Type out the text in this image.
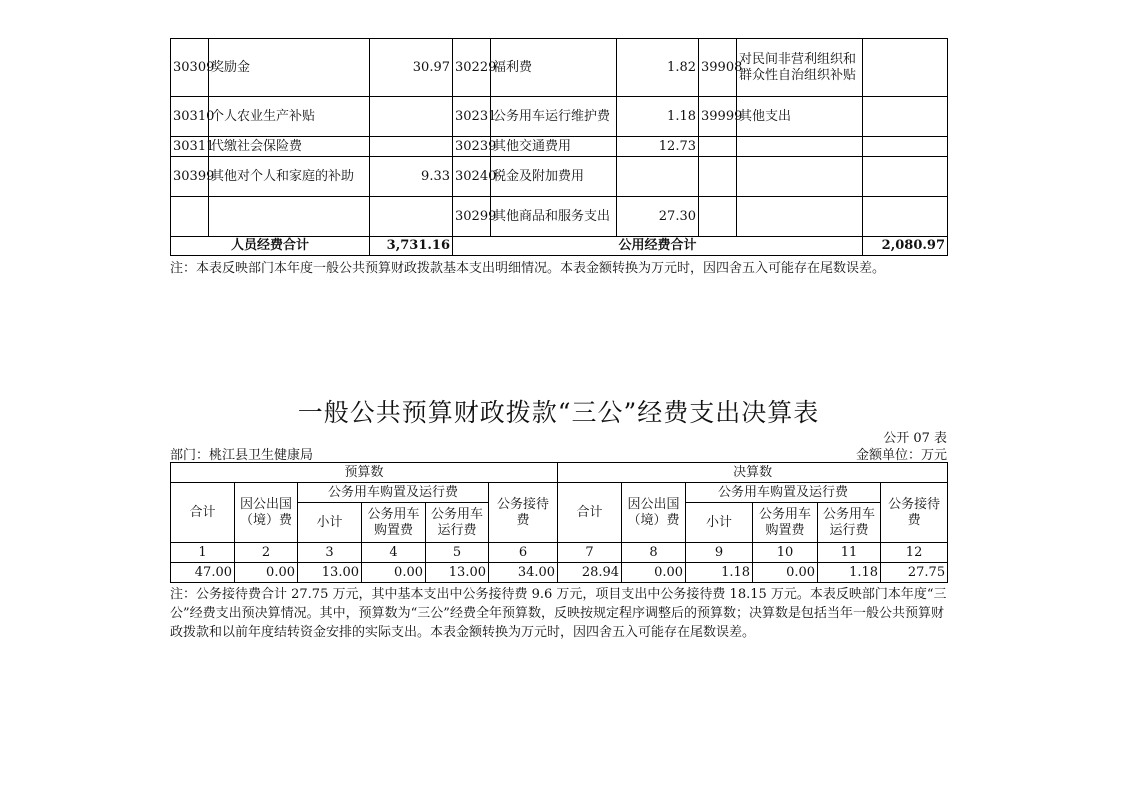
30309	奖励金	30.97	30229	福利费	1.82	39908	对民间非营利组织和群众性自治组织补贴	
30310	个人农业生产补贴		30231	公务用车运行维护费	1.18	39999	其他支出	
30311	代缴社会保险费		30239	其他交通费用	12.73			
30399	其他对个人和家庭的补助	9.33	30240	税金及附加费用				
			30299	其他商品和服务支出	27.30			
人员经费合计		3,731.16	公用经费合计					2,080.97
注：本表反映部门本年度一般公共预算财政拨款基本支出明细情况。本表金额转换为万元时，因四舍五入可能存在尾数误差。
一般公共预算财政拨款“三公”经费支出决算表
公开 07 表
部门：桃江县卫生健康局	金额单位：万元
预算数						决算数					
合计	因公出国（境）费	公务用车购置及运行费			公务接待费	合计	因公出国（境）费	公务用车购置及运行费			公务接待费
		小计	公务用车购置费	公务用车运行费				小计	公务用车购置费	公务用车运行费	
1	2	3	4	5	6	7	8	9	10	11	12
47.00	0.00	13.00	0.00	13.00	34.00	28.94	0.00	1.18	0.00	1.18	27.75
注：公务接待费合计 27.75 万元，其中基本支出中公务接待费 9.6 万元，项目支出中公务接待费 18.15 万元。本表反映部门本年度“三公”经费支出预决算情况。其中，预算数为“三公”经费全年预算数，反映按规定程序调整后的预算数；决算数是包括当年一般公共预算财政拨款和以前年度结转资金安排的实际支出。本表金额转换为万元时，因四舍五入可能存在尾数误差。
